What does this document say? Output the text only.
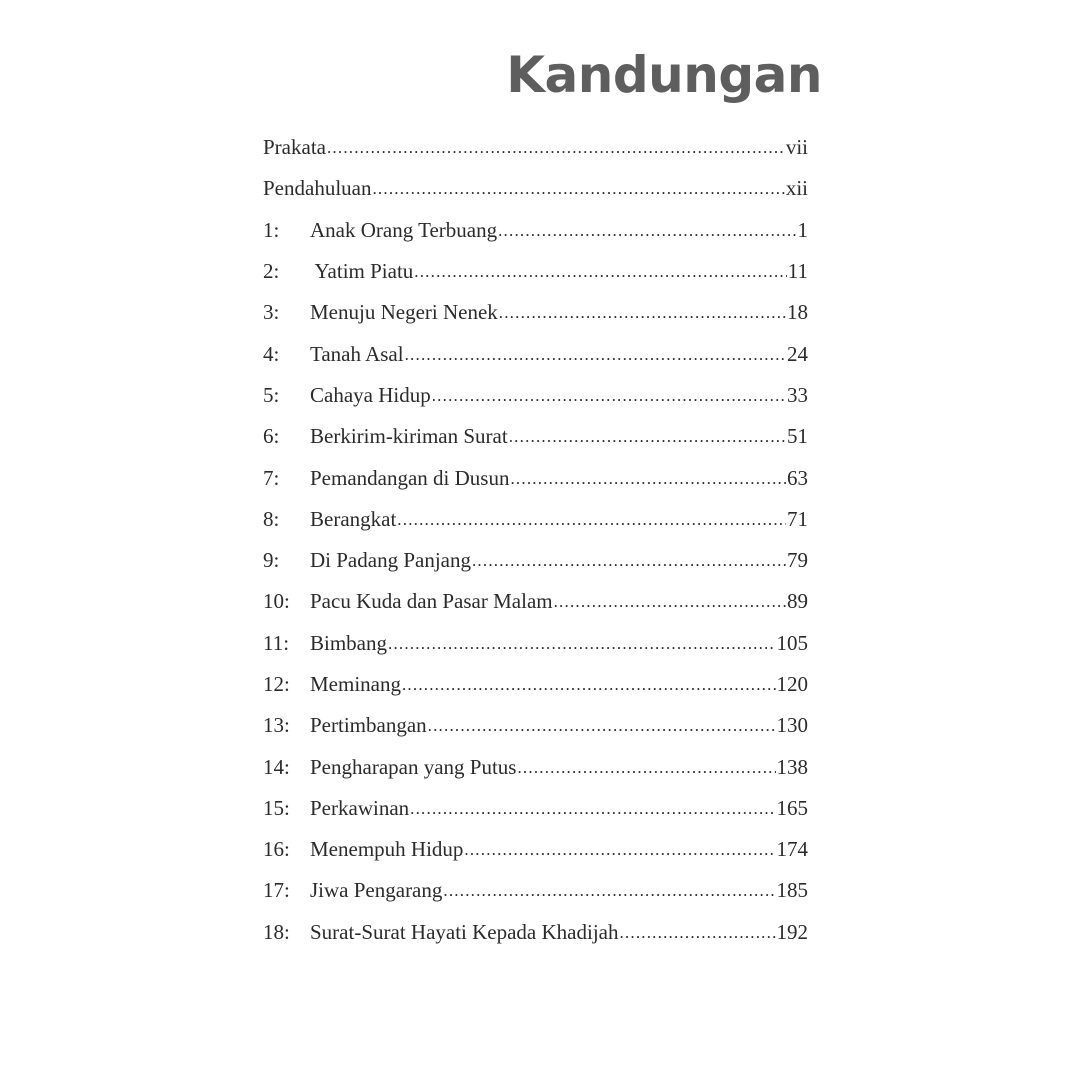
Kandungan
Prakata .....	vii
Pendahuluan .....	xii
1:	Anak Orang Terbuang .....	1
2:	Yatim Piatu .....	11
3:	Menuju Negeri Nenek .....	18
4:	Tanah Asal .....	24
5:	Cahaya Hidup .....	33
6:	Berkirim-kiriman Surat .....	51
7:	Pemandangan di Dusun .....	63
8:	Berangkat .....	71
9:	Di Padang Panjang .....	79
10: Pacu Kuda dan Pasar Malam .....	89
11: Bimbang .....	105
12: Meminang .....	120
13: Pertimbangan .....	130
14: Pengharapan yang Putus .....	138
15: Perkawinan .....	165
16: Menempuh Hidup .....	174
17: Jiwa Pengarang .....	185
18: Surat-Surat Hayati Kepada Khadijah .....	192
